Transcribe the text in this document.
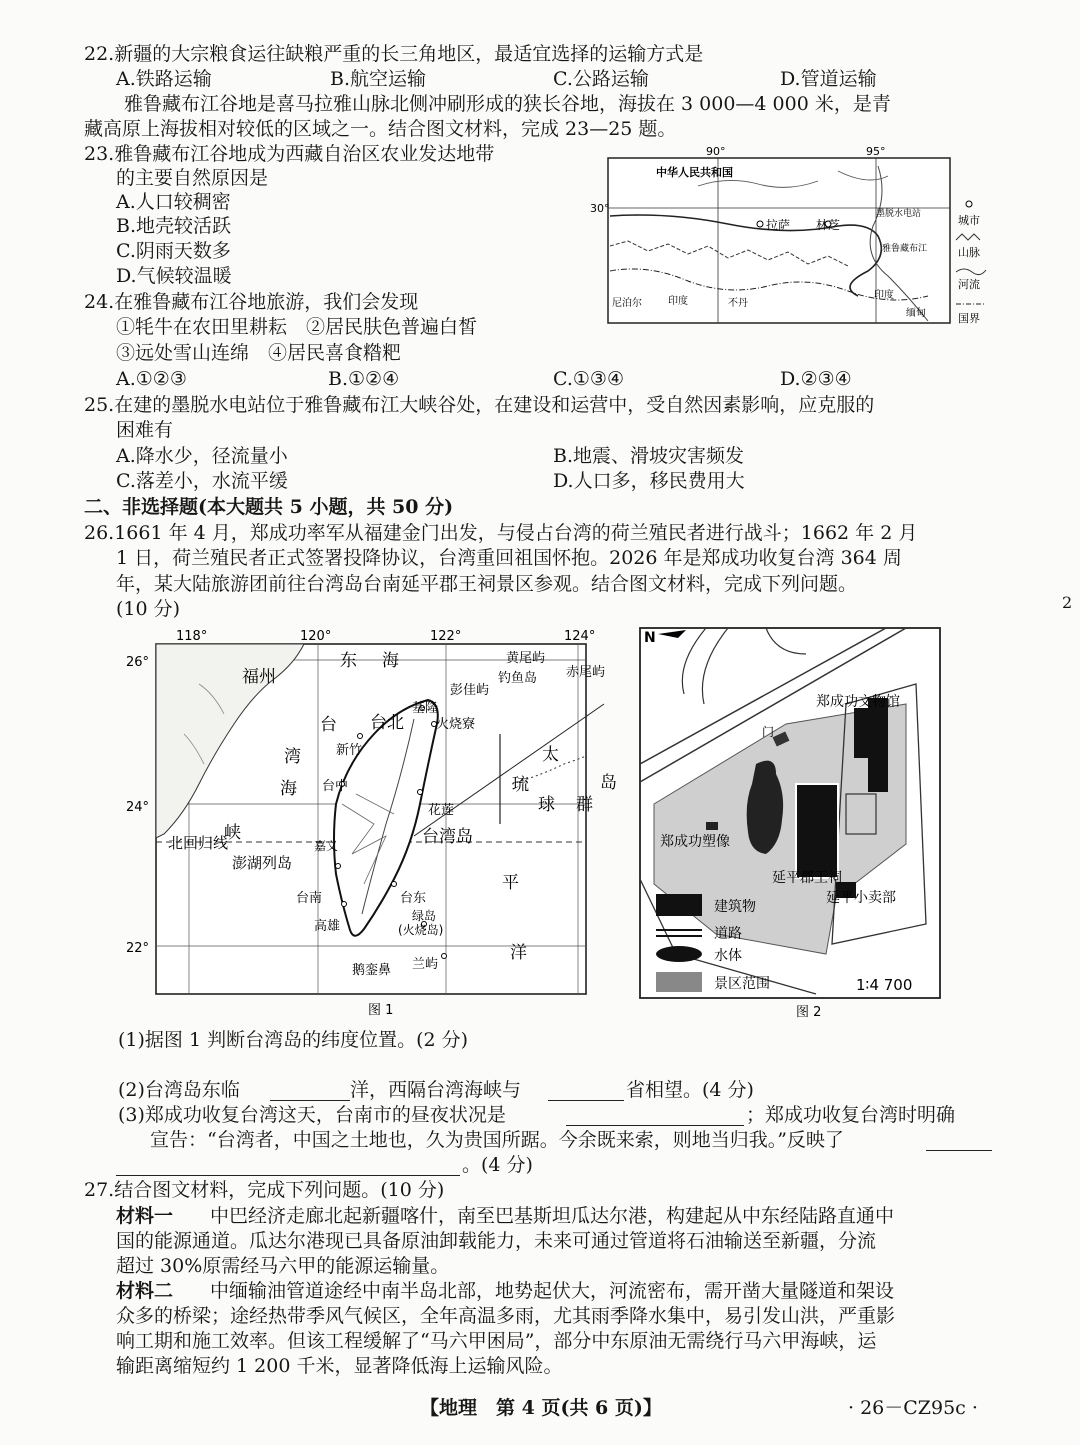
22.新疆的大宗粮食运往缺粮严重的长三角地区，最适宜选择的运输方式是
A.铁路运输	B.航空运输	C.公路运输	D.管道运输
雅鲁藏布江谷地是喜马拉雅山脉北侧冲刷形成的狭长谷地，海拔在 3 000—4 000 米，是青
藏高原上海拔相对较低的区域之一。结合图文材料，完成 23—25 题。
23.雅鲁藏布江谷地成为西藏自治区农业发达地带
的主要自然原因是
A.人口较稠密
B.地壳较活跃
C.阴雨天数多
D.气候较温暖
90°	95°
30°
中华人民共和国
拉萨 林芝
墨脱水电站
雅鲁藏布江
尼泊尔	印度	不丹
印度
缅甸
城市
山脉
河流
国界
24.在雅鲁藏布江谷地旅游，我们会发现
①牦牛在农田里耕耘　②居民肤色普遍白皙
③远处雪山连绵　④居民喜食糌粑
A.①②③	B.①②④	C.①③④	D.②③④
25.在建的墨脱水电站位于雅鲁藏布江大峡谷处，在建设和运营中，受自然因素影响，应克服的
困难有
A.降水少，径流量小	B.地震、滑坡灾害频发
C.落差小，水流平缓	D.人口多，移民费用大
二、非选择题(本大题共 5 小题，共 50 分)
26.1661 年 4 月，郑成功率军从福建金门出发，与侵占台湾的荷兰殖民者进行战斗；1662 年 2 月
1 日，荷兰殖民者正式签署投降协议，台湾重回祖国怀抱。2026 年是郑成功收复台湾 364 周
年，某大陆旅游团前往台湾岛台南延平郡王祠景区参观。结合图文材料，完成下列问题。
(10 分)	2
118°	120°	122°	124°
26°
24°
22°
福州
东 海	黄尾屿
赤尾屿
钓鱼岛
彭佳屿
基隆
台北
台	火烧寮
新竹
湾
海
峡
台中
花莲
琉
球
太
岛
群
北回归线
澎湖列岛
台湾岛
嘉义
台南	台东
平
高雄
绿岛
(火烧岛)
洋
鹅銮鼻 兰屿
图 1
N
郑成功文物馆
郑成功塑像
延平郡王祠
延平小卖部
门
建筑物
道路
水体
景区范围	1∶4 700
图 2
(1)据图 1 判断台湾岛的纬度位置。(2 分)
(2)台湾岛东临	洋，西隔台湾海峡与	省相望。(4 分)
(3)郑成功收复台湾这天，台南市的昼夜状况是	；郑成功收复台湾时明确
宣告：“台湾者，中国之土地也，久为贵国所踞。今余既来索，则地当归我。”反映了
。(4 分)
27.结合图文材料，完成下列问题。(10 分)
材料一 中巴经济走廊北起新疆喀什，南至巴基斯坦瓜达尔港，构建起从中东经陆路直通中
国的能源通道。瓜达尔港现已具备原油卸载能力，未来可通过管道将石油输送至新疆，分流
超过 30%原需经马六甲的能源运输量。
材料二 中缅输油管道途经中南半岛北部，地势起伏大，河流密布，需开凿大量隧道和架设
众多的桥梁；途经热带季风气候区，全年高温多雨，尤其雨季降水集中，易引发山洪，严重影
响工期和施工效率。但该工程缓解了“马六甲困局”，部分中东原油无需绕行马六甲海峡，运
输距离缩短约 1 200 千米，显著降低海上运输风险。
【地理　第 4 页(共 6 页)】	· 26－CZ95c ·
